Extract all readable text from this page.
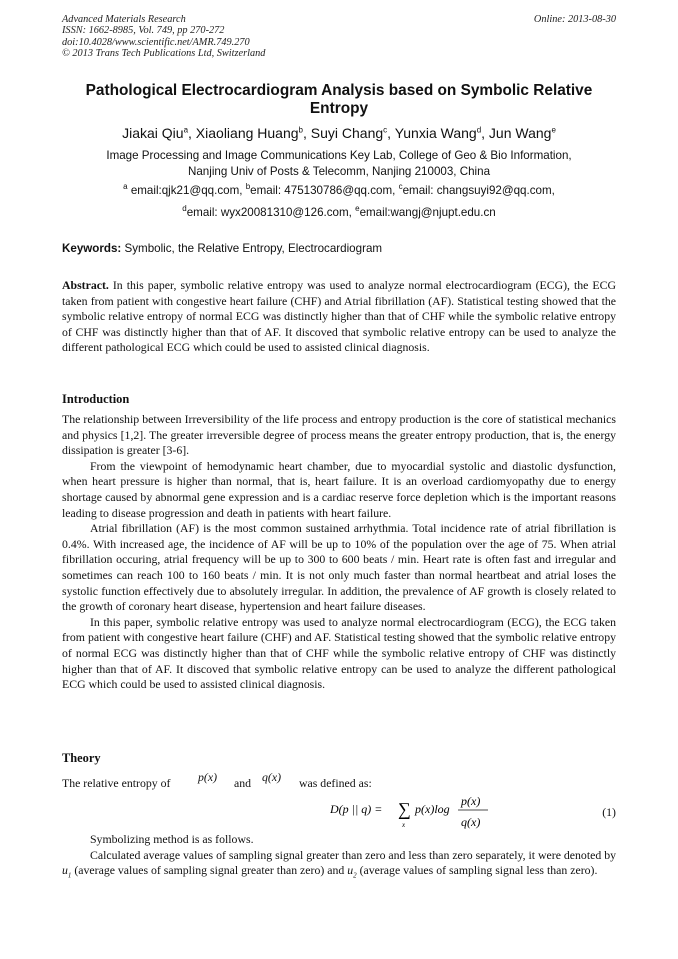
Advanced Materials Research
ISSN: 1662-8985, Vol. 749, pp 270-272
doi:10.4028/www.scientific.net/AMR.749.270
© 2013 Trans Tech Publications Ltd, Switzerland
Online: 2013-08-30
Pathological Electrocardiogram Analysis based on Symbolic Relative Entropy
Jiakai Qiu$^a$, Xiaoliang Huang$^b$, Suyi Chang$^c$, Yunxia Wang$^d$, Jun Wang$^e$
Image Processing and Image Communications Key Lab, College of Geo & Bio Information,
Nanjing Univ of Posts & Telecomm, Nanjing 210003, China
$^a$ email:qjk21@qq.com, $^b$email: 475130786@qq.com, $^c$email: changsuyi92@qq.com,
$^d$email: wyx20081310@126.com, $^e$email:wangj@njupt.edu.cn
Keywords: Symbolic, the Relative Entropy, Electrocardiogram
Abstract. In this paper, symbolic relative entropy was used to analyze normal electrocardiogram (ECG), the ECG taken from patient with congestive heart failure (CHF) and Atrial fibrillation (AF). Statistical testing showed that the symbolic relative entropy of normal ECG was distinctly higher than that of CHF while the symbolic relative entropy of CHF was distinctly higher than that of AF. It discoved that symbolic relative entropy can be used to analyze the different pathological ECG which could be used to assisted clinical diagnosis.
Introduction

The relationship between Irreversibility of the life process and entropy production is the core of statistical mechanics and physics [1,2]. The greater irreversible degree of process means the greater entropy production, that is, the energy dissipation is greater [3-6].

From the viewpoint of hemodynamic heart chamber, due to myocardial systolic and diastolic dysfunction, when heart pressure is higher than normal, that is, heart failure. It is an overload cardiomyopathy due to energy shortage caused by abnormal gene expression and is a cardiac reserve force depletion which is the important reasons leading to disease progression and death in patients with heart failure.

Atrial fibrillation (AF) is the most common sustained arrhythmia. Total incidence rate of atrial fibrillation is 0.4%. With increased age, the incidence of AF will be up to 10% of the population over the age of 75. When atrial fibrillation occuring, atrial frequency will be up to 300 to 600 beats / min. Heart rate is often fast and irregular and sometimes can reach 100 to 160 beats / min. It is not only much faster than normal heartbeat and atrial loses the systolic function effectively due to absolutely irregular. In addition, the prevalence of AF growth is closely related to the growth of coronary heart disease, hypertension and heart failure diseases.

In this paper, symbolic relative entropy was used to analyze normal electrocardiogram (ECG), the ECG taken from patient with congestive heart failure (CHF) and AF. Statistical testing showed that the symbolic relative entropy of normal ECG was distinctly higher than that of CHF while the symbolic relative entropy of CHF was distinctly higher than that of AF. It discoved that symbolic relative entropy can be used to analyze the different pathological ECG which could be used to assisted clinical diagnosis.

Theory
The relative entropy of p(x) and q(x) was defined as:
D(p || q) = ∑
x
p(x)log
p(x)
q(x)
(1)

Symbolizing method is as follows.

Calculated average values of sampling signal greater than zero and less than zero separately, it were denoted by $u_1$ (average values of sampling signal greater than zero) and $u_2$ (average values of sampling signal less than zero).
